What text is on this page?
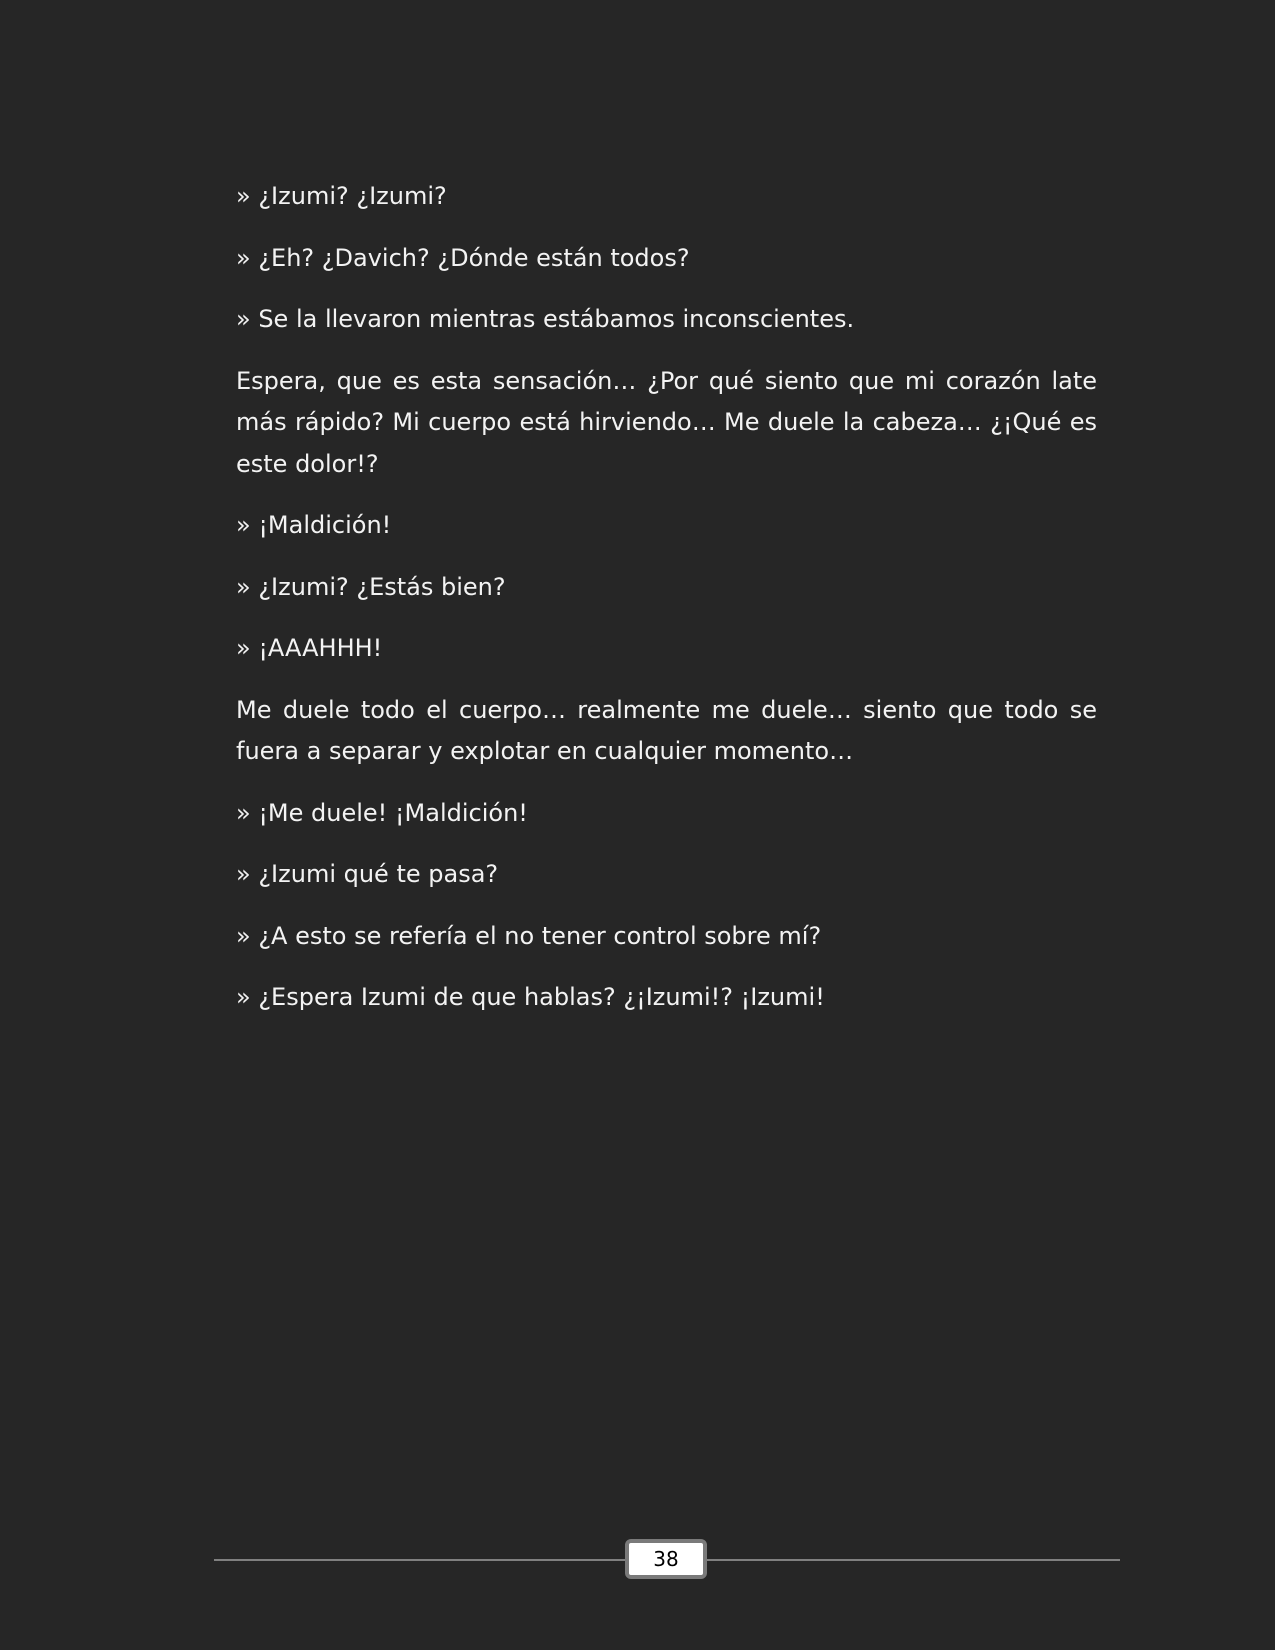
» ¿Izumi? ¿Izumi?

» ¿Eh? ¿Davich? ¿Dónde están todos?

» Se la llevaron mientras estábamos inconscientes.

Espera, que es esta sensación… ¿Por qué siento que mi corazón late más rápido? Mi cuerpo está hirviendo… Me duele la cabeza… ¿¡Qué es este dolor!?

» ¡Maldición!

» ¿Izumi? ¿Estás bien?

» ¡AAAHHH!

Me duele todo el cuerpo… realmente me duele… siento que todo se fuera a separar y explotar en cualquier momento…

» ¡Me duele! ¡Maldición!

» ¿Izumi qué te pasa?

» ¿A esto se refería el no tener control sobre mí?

» ¿Espera Izumi de que hablas? ¿¡Izumi!? ¡Izumi!

38
